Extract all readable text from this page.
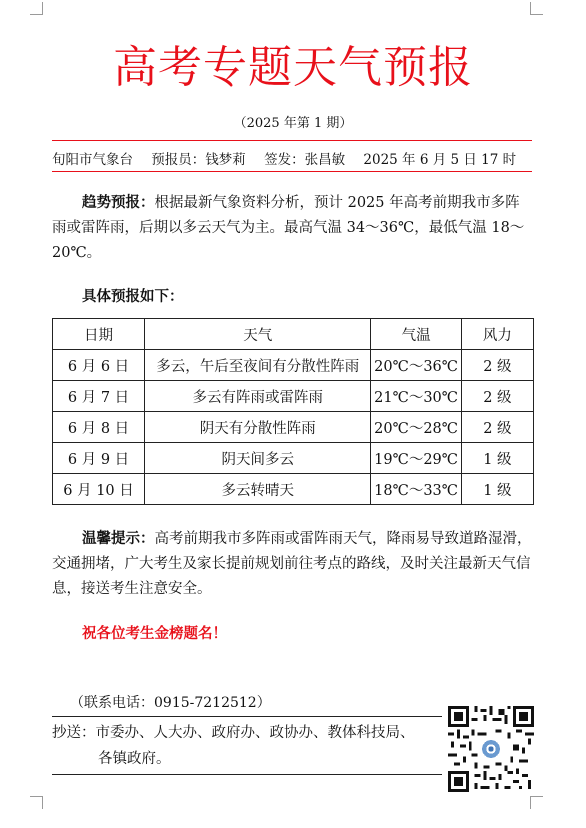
高考专题天气预报
（2025 年第 1 期）
旬阳市气象台 预报员：钱梦莉 签发：张昌敏 2025 年 6 月 5 日 17 时
趋势预报：根据最新气象资料分析，预计 2025 年高考前期我市多阵雨或雷阵雨，后期以多云天气为主。最高气温 34～36℃，最低气温 18～20℃。
具体预报如下：
日期	天气	气温	风力
6 月 6 日	多云，午后至夜间有分散性阵雨	20℃～36℃	2 级
6 月 7 日	多云有阵雨或雷阵雨	21℃～30℃	2 级
6 月 8 日	阴天有分散性阵雨	20℃～28℃	2 级
6 月 9 日	阴天间多云	19℃～29℃	1 级
6 月 10 日	多云转晴天	18℃～33℃	1 级
温馨提示：高考前期我市多阵雨或雷阵雨天气，降雨易导致道路湿滑，交通拥堵，广大考生及家长提前规划前往考点的路线，及时关注最新天气信息，接送考生注意安全。
祝各位考生金榜题名！
（联系电话：0915-7212512）
抄送：市委办、人大办、政府办、政协办、教体科技局、
各镇政府。
